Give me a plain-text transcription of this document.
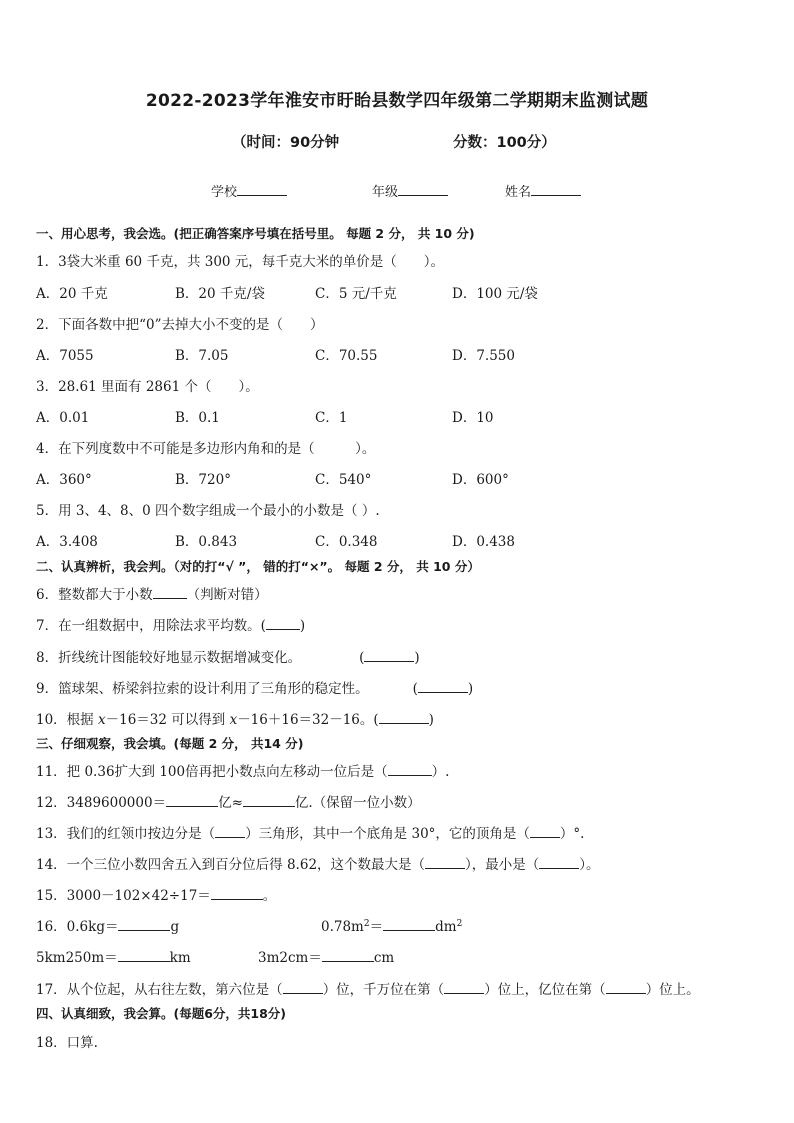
2022-2023学年淮安市盱眙县数学四年级第二学期期末监测试题
（时间：90分钟	分数：100分）
学校	年级	姓名
一、用心思考，我会选。(把正确答案序号填在括号里。 每题 2 分， 共 10 分)
1．3袋大米重 60 千克，共 300 元，每千克大米的单价是（　　）。
A．20 千克	B．20 千克/袋	C．5 元/千克	D．100 元/袋
2．下面各数中把“0”去掉大小不变的是（　　）
A．7055	B．7.05	C．70.55	D．7.550
3．28.61 里面有 2861 个（　　）。
A．0.01	B．0.1	C．1	D．10
4．在下列度数中不可能是多边形内角和的是（　　　）。
A．360°	B．720°	C．540°	D．600°
5．用 3、4、8、0 四个数字组成一个最小的小数是（ ）.
A．3.408	B．0.843	C．0.348	D．0.438
二、认真辨析，我会判。（对的打“√ ”， 错的打“×”。 每题 2 分， 共 10 分）
6．整数都大于小数	（判断对错）
7．在一组数据中，用除法求平均数。(	)
8．折线统计图能较好地显示数据增减变化。	(	)
9．篮球架、桥梁斜拉索的设计利用了三角形的稳定性。	(	)
10．根据 x－16＝32 可以得到 x－16＋16＝32－16。(	)
三、仔细观察，我会填。(每题 2 分， 共14 分)
11．把 0.36扩大到 100倍再把小数点向左移动一位后是（	）.
12．3489600000＝	亿≈	亿.（保留一位小数）
13．我们的红领巾按边分是（ ）三角形，其中一个底角是 30°，它的顶角是（ ）°.
14．一个三位小数四舍五入到百分位后得 8.62，这个数最大是（	），最小是（	）。
15．3000－102×42÷17＝	。
16．0.6kg＝	g	$0.78m^2=$	$dm^2$
5km250m＝	km	3m2cm＝	cm
17．从个位起，从右往左数，第六位是（	）位，千万位在第（	）位上，亿位在第（	）位上。
四、认真细致，我会算。(每题6分，共18分)
18．口算.
